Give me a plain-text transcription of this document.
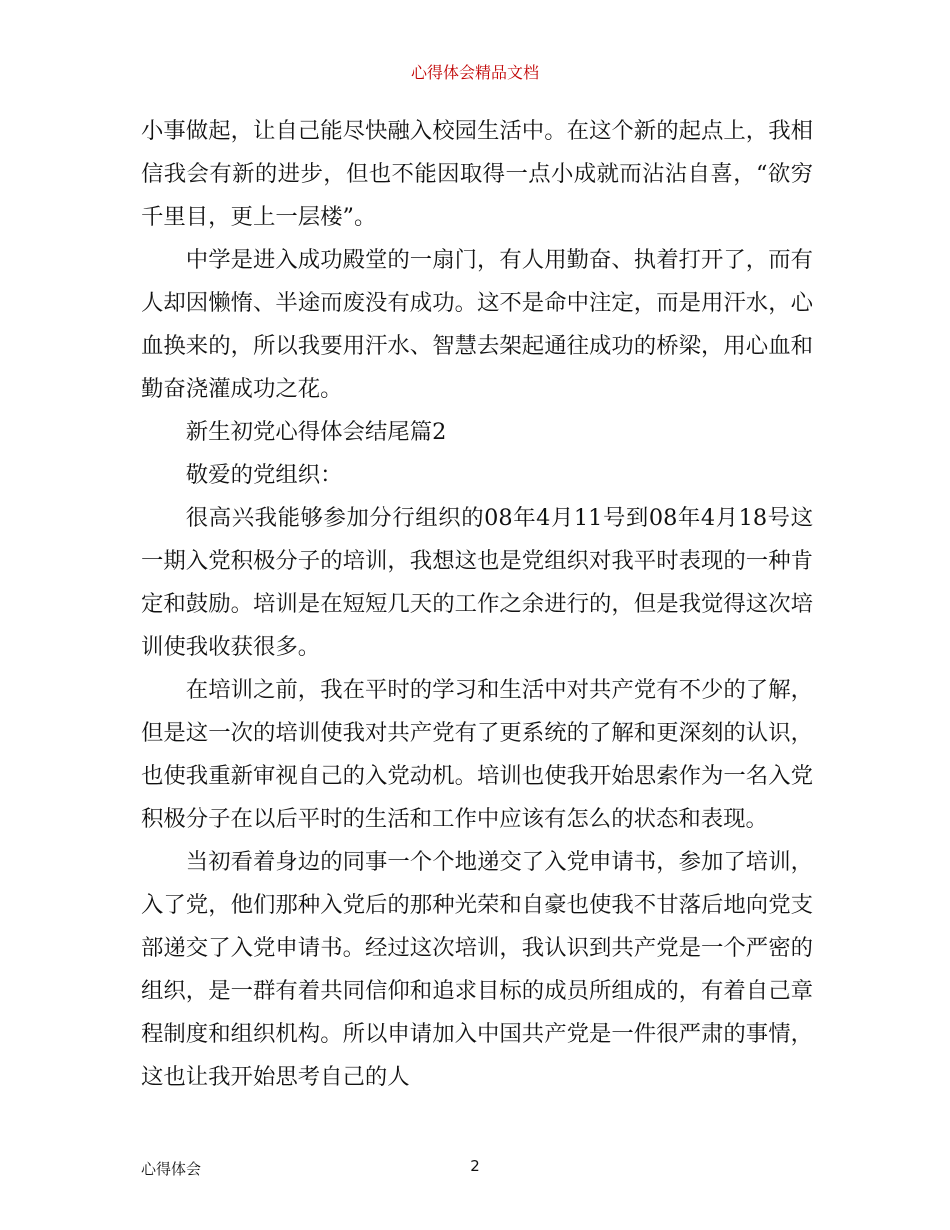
心得体会精品文档

小事做起，让自己能尽快融入校园生活中。在这个新的起点上，我相信我会有新的进步，但也不能因取得一点小成就而沾沾自喜，“欲穷千里目，更上一层楼”。

中学是进入成功殿堂的一扇门，有人用勤奋、执着打开了，而有人却因懒惰、半途而废没有成功。这不是命中注定，而是用汗水，心血换来的，所以我要用汗水、智慧去架起通往成功的桥梁，用心血和勤奋浇灌成功之花。

新生初党心得体会结尾篇2

敬爱的党组织：

很高兴我能够参加分行组织的08年4月11号到08年4月18号这一期入党积极分子的培训，我想这也是党组织对我平时表现的一种肯定和鼓励。培训是在短短几天的工作之余进行的，但是我觉得这次培训使我收获很多。

在培训之前，我在平时的学习和生活中对共产党有不少的了解，但是这一次的培训使我对共产党有了更系统的了解和更深刻的认识，也使我重新审视自己的入党动机。培训也使我开始思索作为一名入党积极分子在以后平时的生活和工作中应该有怎么的状态和表现。

当初看着身边的同事一个个地递交了入党申请书，参加了培训，入了党，他们那种入党后的那种光荣和自豪也使我不甘落后地向党支部递交了入党申请书。经过这次培训，我认识到共产党是一个严密的组织，是一群有着共同信仰和追求目标的成员所组成的，有着自己章程制度和组织机构。所以申请加入中国共产党是一件很严肃的事情，这也让我开始思考自己的人

心得体会	2
